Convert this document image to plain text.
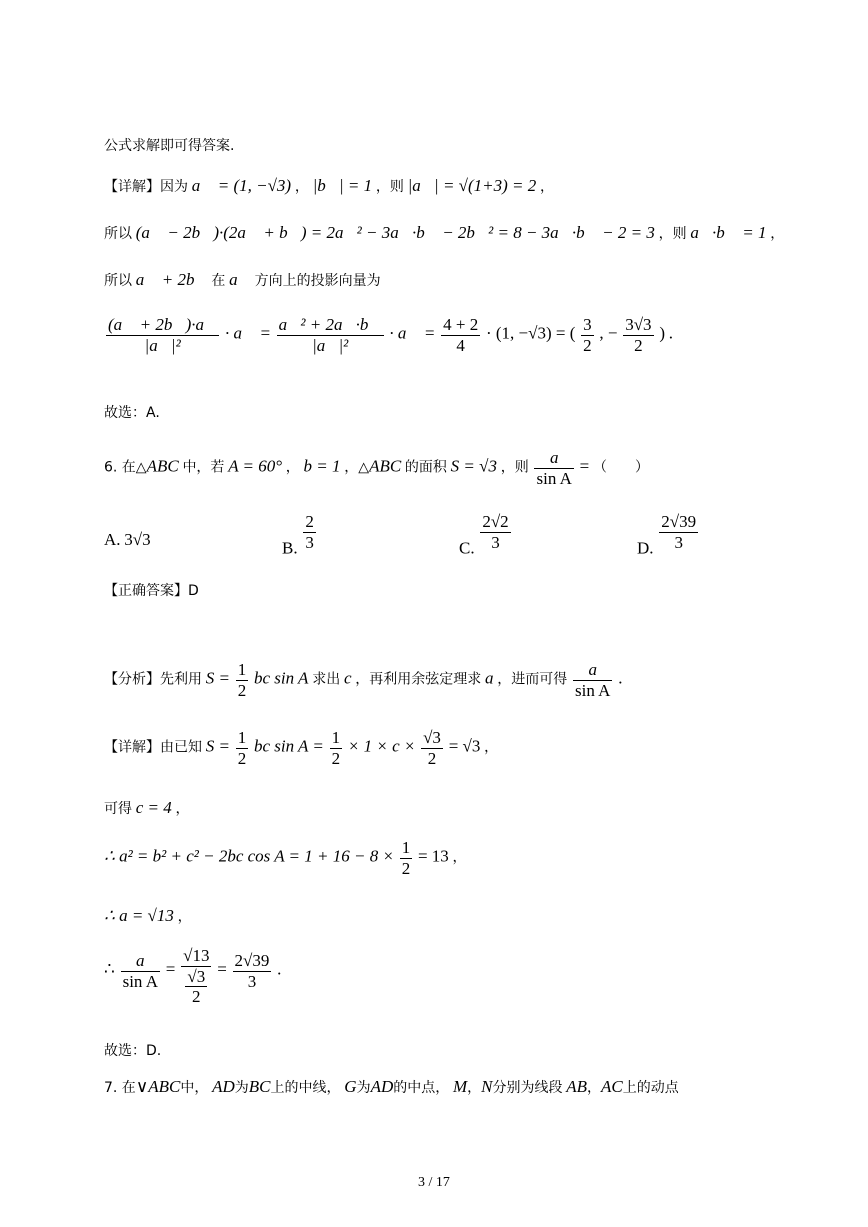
公式求解即可得答案.
【详解】因为 a⃗ = (1, −√3) ， |b⃗| = 1 ，则 |a⃗| = √(1+3) = 2 ，
所以 (a⃗ − 2b⃗)·(2a⃗ + b⃗) = 2a⃗² − 3a⃗·b⃗ − 2b⃗² = 8 − 3a⃗·b⃗ − 2 = 3 ，则 a⃗·b⃗ = 1 ，
所以 a⃗ + 2b⃗ 在 a⃗ 方向上的投影向量为
$\frac{(a⃗ + 2b⃗)\cdot a⃗}{\text{|a⃗|²}}$ · a⃗ = $\frac{\text{a⃗² + 2a⃗·b⃗}}{\text{|a⃗|²}}$ · a⃗ = $\frac{4 + 2}{4} \cdot (1$, −√3) = ( $\frac{3}{2}$ , − $\frac{3√3}{2}$ ) .
故选：A.
6. 在△ABC 中，若 A = 60° ， b = 1 ，△ABC 的面积 S = √3 ，则 $\frac{a}{\text{sin A}}$ = （　　）
A. 3√3	B. $\frac{2}{3}$	C. $\frac{2√2}{3}$	D. $\frac{2√39}{3}$
【正确答案】D
【分析】先利用 $S = \frac{1}{2}$ bc sin A 求出 c ，再利用余弦定理求 a ，进而可得 $\frac{a}{\text{sin A}}$ .
【详解】由已知 $S = \frac{1}{2}$ bc $\sin A = \frac{1}{2} \times 1 \times c \times \frac{√3}{2} = √3$ ，
可得 c = 4 ，
∴ a² = b² + c² − 2bc $\cos A = 1 + 16 - 8 \times \frac{1}{2} = 13$ ，
∴ a = √13 ，
∴ $\frac{a}{\text{sin A}} = \frac{√13}{\frac{√3}{2}} = \frac{2√39}{3}$ .
故选：D.
7. 在∨ABC中， AD为BC上的中线， G为AD的中点， M，N分别为线段 AB，AC上的动点
3 / 17
